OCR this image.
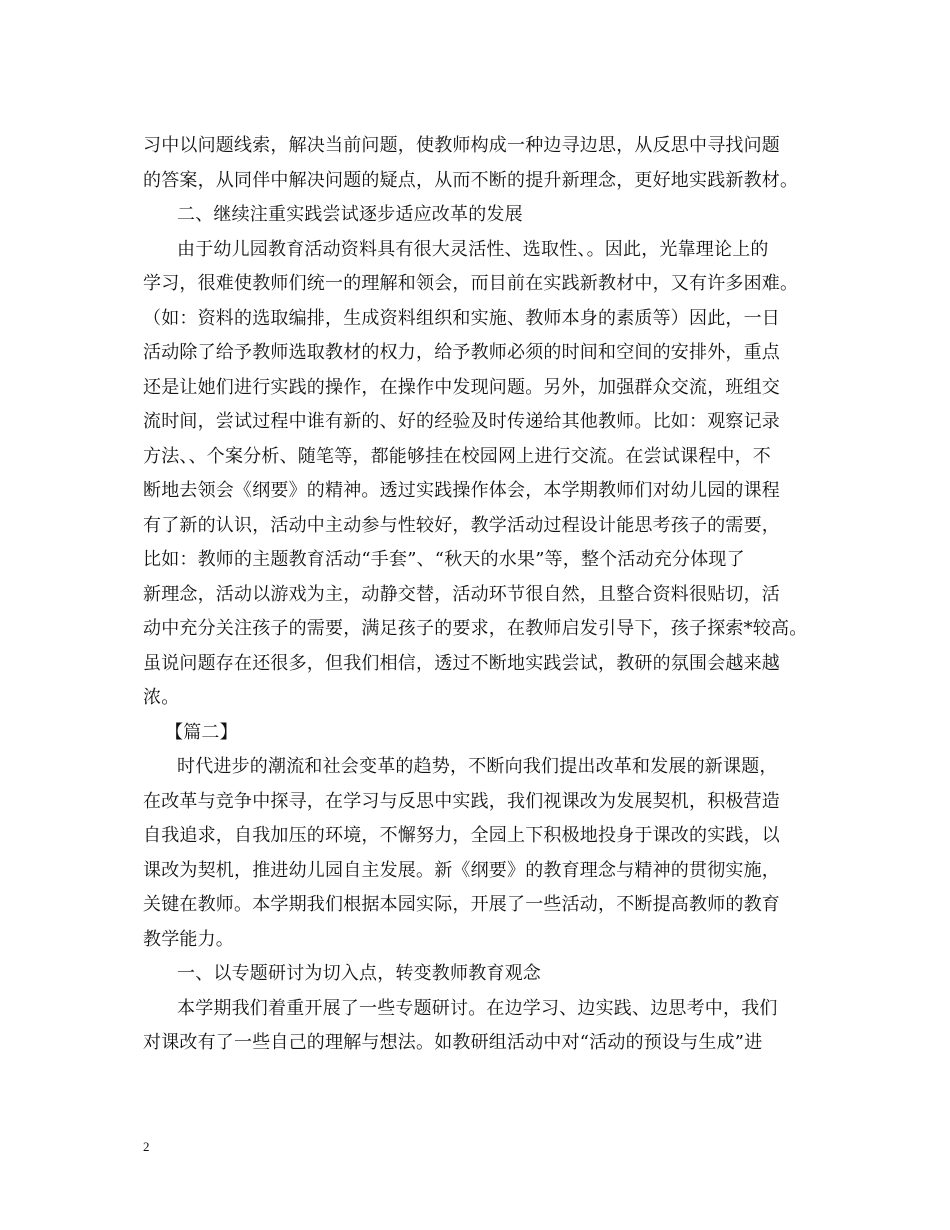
习中以问题线索，解决当前问题，使教师构成一种边寻边思，从反思中寻找问题
的答案，从同伴中解决问题的疑点，从而不断的提升新理念，更好地实践新教材。
二、继续注重实践尝试逐步适应改革的发展
由于幼儿园教育活动资料具有很大灵活性、选取性、。因此，光靠理论上的
学习，很难使教师们统一的理解和领会，而目前在实践新教材中，又有许多困难。
（如：资料的选取编排，生成资料组织和实施、教师本身的素质等）因此，一日
活动除了给予教师选取教材的权力，给予教师必须的时间和空间的安排外，重点
还是让她们进行实践的操作，在操作中发现问题。另外，加强群众交流，班组交
流时间，尝试过程中谁有新的、好的经验及时传递给其他教师。比如：观察记录
方法、、个案分析、随笔等，都能够挂在校园网上进行交流。在尝试课程中，不
断地去领会《纲要》的精神。透过实践操作体会，本学期教师们对幼儿园的课程
有了新的认识，活动中主动参与性较好，教学活动过程设计能思考孩子的需要，
比如：教师的主题教育活动“手套”、“秋天的水果”等，整个活动充分体现了
新理念，活动以游戏为主，动静交替，活动环节很自然，且整合资料很贴切，活
动中充分关注孩子的需要，满足孩子的要求，在教师启发引导下，孩子探索*较高。
虽说问题存在还很多，但我们相信，透过不断地实践尝试，教研的氛围会越来越
浓。
【篇二】
时代进步的潮流和社会变革的趋势，不断向我们提出改革和发展的新课题，
在改革与竞争中探寻，在学习与反思中实践，我们视课改为发展契机，积极营造
自我追求，自我加压的环境，不懈努力，全园上下积极地投身于课改的实践，以
课改为契机，推进幼儿园自主发展。新《纲要》的教育理念与精神的贯彻实施，
关键在教师。本学期我们根据本园实际，开展了一些活动，不断提高教师的教育
教学能力。
一、以专题研讨为切入点，转变教师教育观念
本学期我们着重开展了一些专题研讨。在边学习、边实践、边思考中，我们
对课改有了一些自己的理解与想法。如教研组活动中对“活动的预设与生成”进
2
